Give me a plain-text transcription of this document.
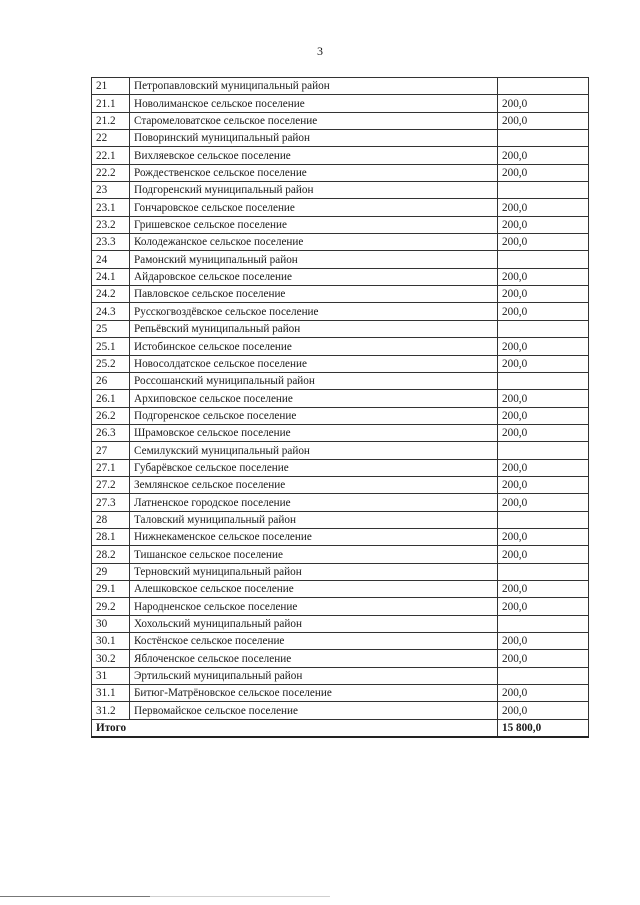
3
21	Петропавловский муниципальный район	
21.1	Новолиманское сельское поселение	200,0
21.2	Старомеловатское сельское поселение	200,0
22	Поворинский муниципальный район	
22.1	Вихляевское сельское поселение	200,0
22.2	Рождественское сельское поселение	200,0
23	Подгоренский муниципальный район	
23.1	Гончаровское сельское поселение	200,0
23.2	Гришевское сельское поселение	200,0
23.3	Колодежанское сельское поселение	200,0
24	Рамонский муниципальный район	
24.1	Айдаровское сельское поселение	200,0
24.2	Павловское сельское поселение	200,0
24.3	Русскогвоздёвское сельское поселение	200,0
25	Репьёвский муниципальный район	
25.1	Истобинское сельское поселение	200,0
25.2	Новосолдатское сельское поселение	200,0
26	Россошанский муниципальный район	
26.1	Архиповское сельское поселение	200,0
26.2	Подгоренское сельское поселение	200,0
26.3	Шрамовское сельское поселение	200,0
27	Семилукский муниципальный район	
27.1	Губарёвское сельское поселение	200,0
27.2	Землянское сельское поселение	200,0
27.3	Латненское городское поселение	200,0
28	Таловский муниципальный район	
28.1	Нижнекаменское сельское поселение	200,0
28.2	Тишанское сельское поселение	200,0
29	Терновский муниципальный район	
29.1	Алешковское сельское поселение	200,0
29.2	Народненское сельское поселение	200,0
30	Хохольский муниципальный район	
30.1	Костёнское сельское поселение	200,0
30.2	Яблоченское сельское поселение	200,0
31	Эртильский муниципальный район	
31.1	Битюг-Матрёновское сельское поселение	200,0
31.2	Первомайское сельское поселение	200,0
Итого		15 800,0
